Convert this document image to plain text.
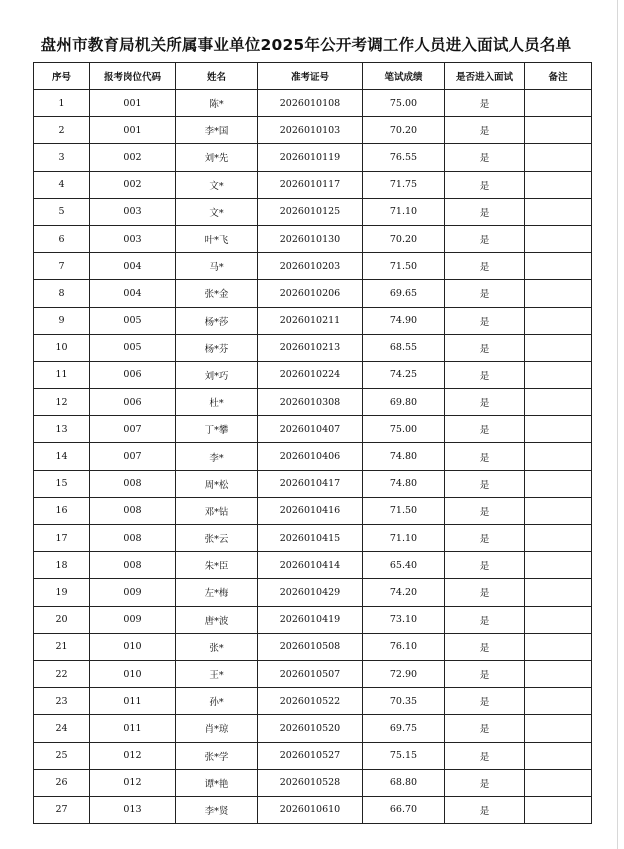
盘州市教育局机关所属事业单位2025年公开考调工作人员进入面试人员名单
序号	报考岗位代码	姓名	准考证号	笔试成绩	是否进入面试	备注
1	001	陈*	2026010108	75.00	是	
2	001	李*国	2026010103	70.20	是	
3	002	刘*先	2026010119	76.55	是	
4	002	文*	2026010117	71.75	是	
5	003	文*	2026010125	71.10	是	
6	003	叶*飞	2026010130	70.20	是	
7	004	马*	2026010203	71.50	是	
8	004	张*金	2026010206	69.65	是	
9	005	杨*莎	2026010211	74.90	是	
10	005	杨*芬	2026010213	68.55	是	
11	006	刘*巧	2026010224	74.25	是	
12	006	杜*	2026010308	69.80	是	
13	007	丁*攀	2026010407	75.00	是	
14	007	李*	2026010406	74.80	是	
15	008	周*松	2026010417	74.80	是	
16	008	邓*钻	2026010416	71.50	是	
17	008	张*云	2026010415	71.10	是	
18	008	朱*臣	2026010414	65.40	是	
19	009	左*梅	2026010429	74.20	是	
20	009	唐*波	2026010419	73.10	是	
21	010	张*	2026010508	76.10	是	
22	010	王*	2026010507	72.90	是	
23	011	孙*	2026010522	70.35	是	
24	011	肖*琼	2026010520	69.75	是	
25	012	张*学	2026010527	75.15	是	
26	012	谭*艳	2026010528	68.80	是	
27	013	李*贤	2026010610	66.70	是	
